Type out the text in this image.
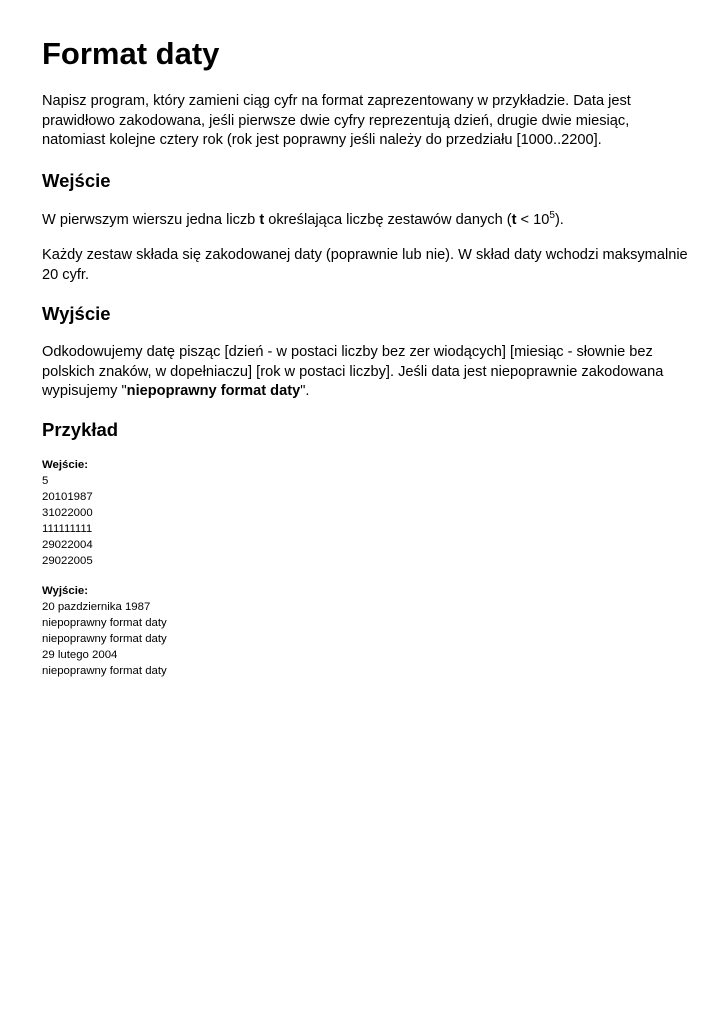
Format daty

Napisz program, który zamieni ciąg cyfr na format zaprezentowany w przykładzie. Data jest prawidłowo zakodowana, jeśli pierwsze dwie cyfry reprezentują dzień, drugie dwie miesiąc, natomiast kolejne cztery rok (rok jest poprawny jeśli należy do przedziału [1000..2200].

Wejście

W pierwszym wierszu jedna liczb t określająca liczbę zestawów danych $(t < 10^5)$.

Każdy zestaw składa się zakodowanej daty (poprawnie lub nie). W skład daty wchodzi maksymalnie 20 cyfr.

Wyjście

Odkodowujemy datę pisząc [dzień - w postaci liczby bez zer wiodących] [miesiąc - słownie bez polskich znaków, w dopełniaczu] [rok w postaci liczby]. Jeśli data jest niepoprawnie zakodowana wypisujemy "niepoprawny format daty".

Przykład
Wejście:
5
20101987
31022000
111111111
29022004
29022005
Wyjście:
20 pazdziernika 1987
niepoprawny format daty
niepoprawny format daty
29 lutego 2004
niepoprawny format daty
